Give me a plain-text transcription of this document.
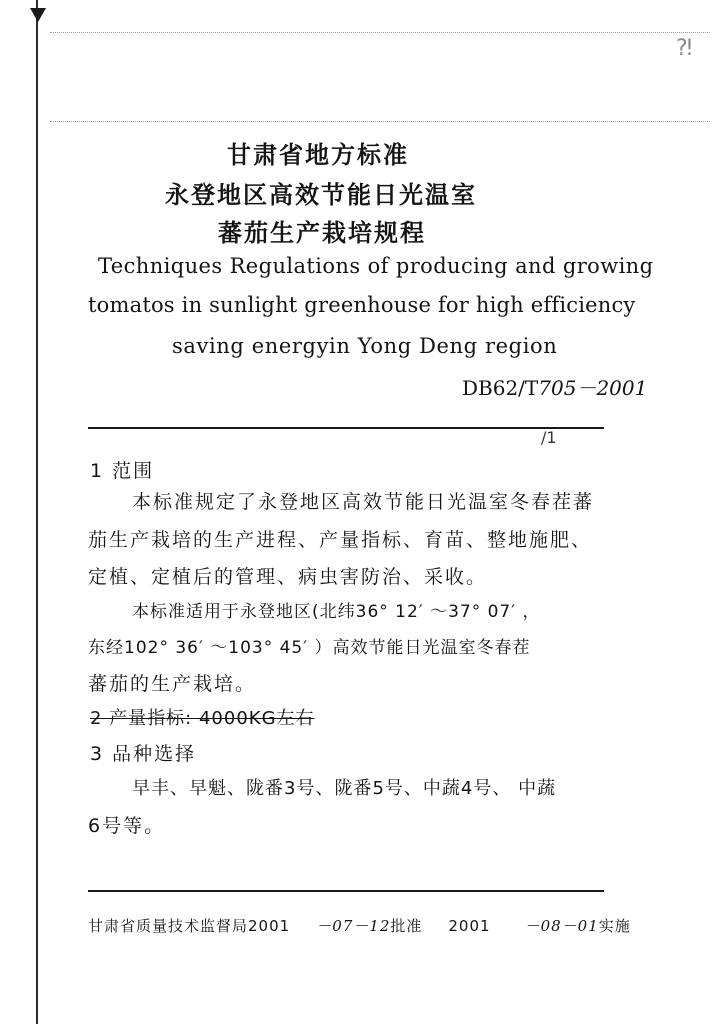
⁈
甘肃省地方标准
永登地区高效节能日光温室
蕃茄生产栽培规程
Techniques Regulations of producing and growing
tomatos in sunlight greenhouse for high efficiency
saving energyin Yong Deng region
DB62/T705－2001
/1
1 范围
本标准规定了永登地区高效节能日光温室冬春茬蕃
茄生产栽培的生产进程、产量指标、育苗、整地施肥、
定植、定植后的管理、病虫害防治、采收。
本标准适用于永登地区(北纬36° 12′ ～37° 07′ ，
东经102° 36′ ～103° 45′ ）高效节能日光温室冬春茬
蕃茄的生产栽培。
2 产量指标: 4000KG左右
3 品种选择
早丰、早魁、陇番3号、陇番5号、中蔬4号、 中蔬
6号等。
甘肃省质量技术监督局2001 －07－12批准 2001 －08－01实施
